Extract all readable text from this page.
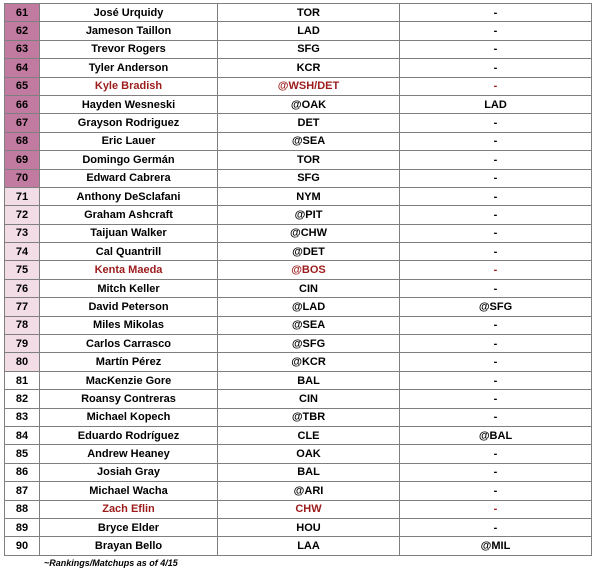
61	José Urquidy	TOR	-
62	Jameson Taillon	LAD	-
63	Trevor Rogers	SFG	-
64	Tyler Anderson	KCR	-
65	Kyle Bradish	@WSH/DET	-
66	Hayden Wesneski	@OAK	LAD
67	Grayson Rodriguez	DET	-
68	Eric Lauer	@SEA	-
69	Domingo Germán	TOR	-
70	Edward Cabrera	SFG	-
71	Anthony DeSclafani	NYM	-
72	Graham Ashcraft	@PIT	-
73	Taijuan Walker	@CHW	-
74	Cal Quantrill	@DET	-
75	Kenta Maeda	@BOS	-
76	Mitch Keller	CIN	-
77	David Peterson	@LAD	@SFG
78	Miles Mikolas	@SEA	-
79	Carlos Carrasco	@SFG	-
80	Martín Pérez	@KCR	-
81	MacKenzie Gore	BAL	-
82	Roansy Contreras	CIN	-
83	Michael Kopech	@TBR	-
84	Eduardo Rodríguez	CLE	@BAL
85	Andrew Heaney	OAK	-
86	Josiah Gray	BAL	-
87	Michael Wacha	@ARI	-
88	Zach Eflin	CHW	-
89	Bryce Elder	HOU	-
90	Brayan Bello	LAA	@MIL
~Rankings/Matchups as of 4/15
